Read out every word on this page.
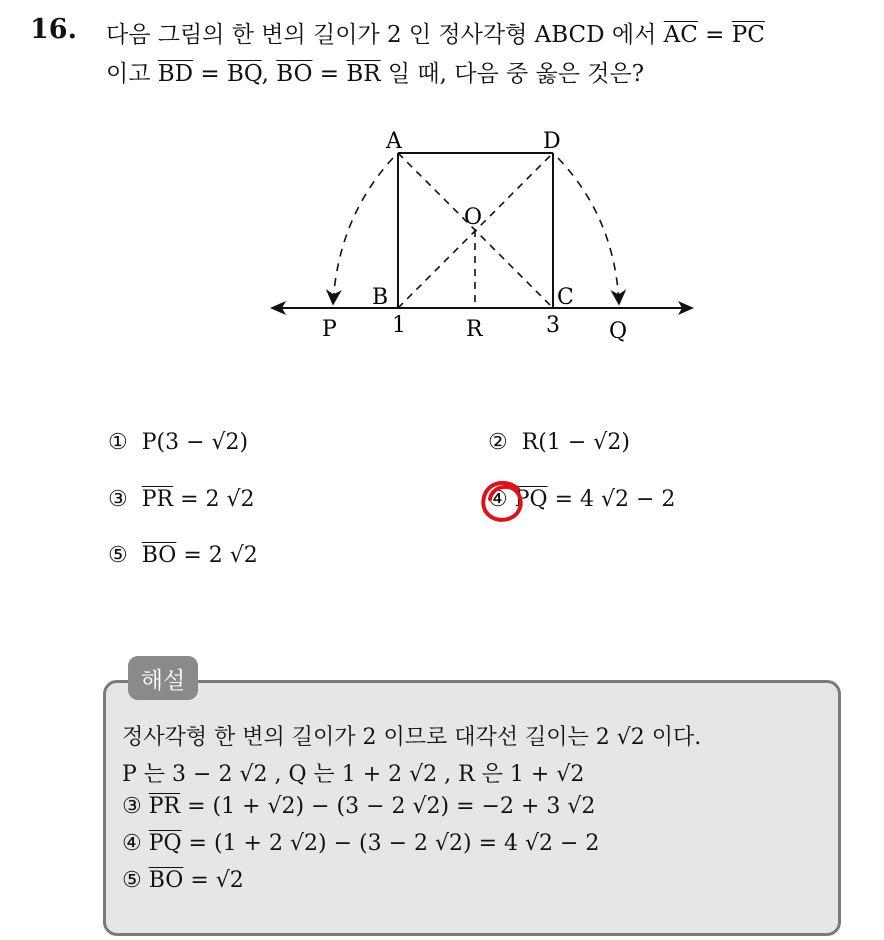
16. 다음 그림의 한 변의 길이가 2 인 정사각형 ABCD 에서 $\overline{AC} = \overline{PC}$
이고 $\overline{BD} = \overline{BQ}$, $\overline{BO} = \overline{BR}$ 일 때, 다음 중 옳은 것은?
A	D
O
B	C
P	1	R	3 Q
① P(3 − √2)	② R(1 − √2)
③ $\overline{PR} = 2$ √2	④ $\overline{PQ} = 4$ √2 − 2
⑤ $\overline{BO} = 2$ √2
해설
정사각형 한 변의 길이가 2 이므로 대각선 길이는 2 √2 이다.
P 는 3 − 2 √2 , Q 는 1 + 2 √2 , R 은 1 + √2
③ $\overline{PR} = (1 + √2) - (3 - 2$ √2) = −2 + 3 √2
④ $\overline{PQ} = (1 + 2$ √2) − (3 − 2 √2) = 4 √2 − 2
⑤ $\overline{BO} = √2$
